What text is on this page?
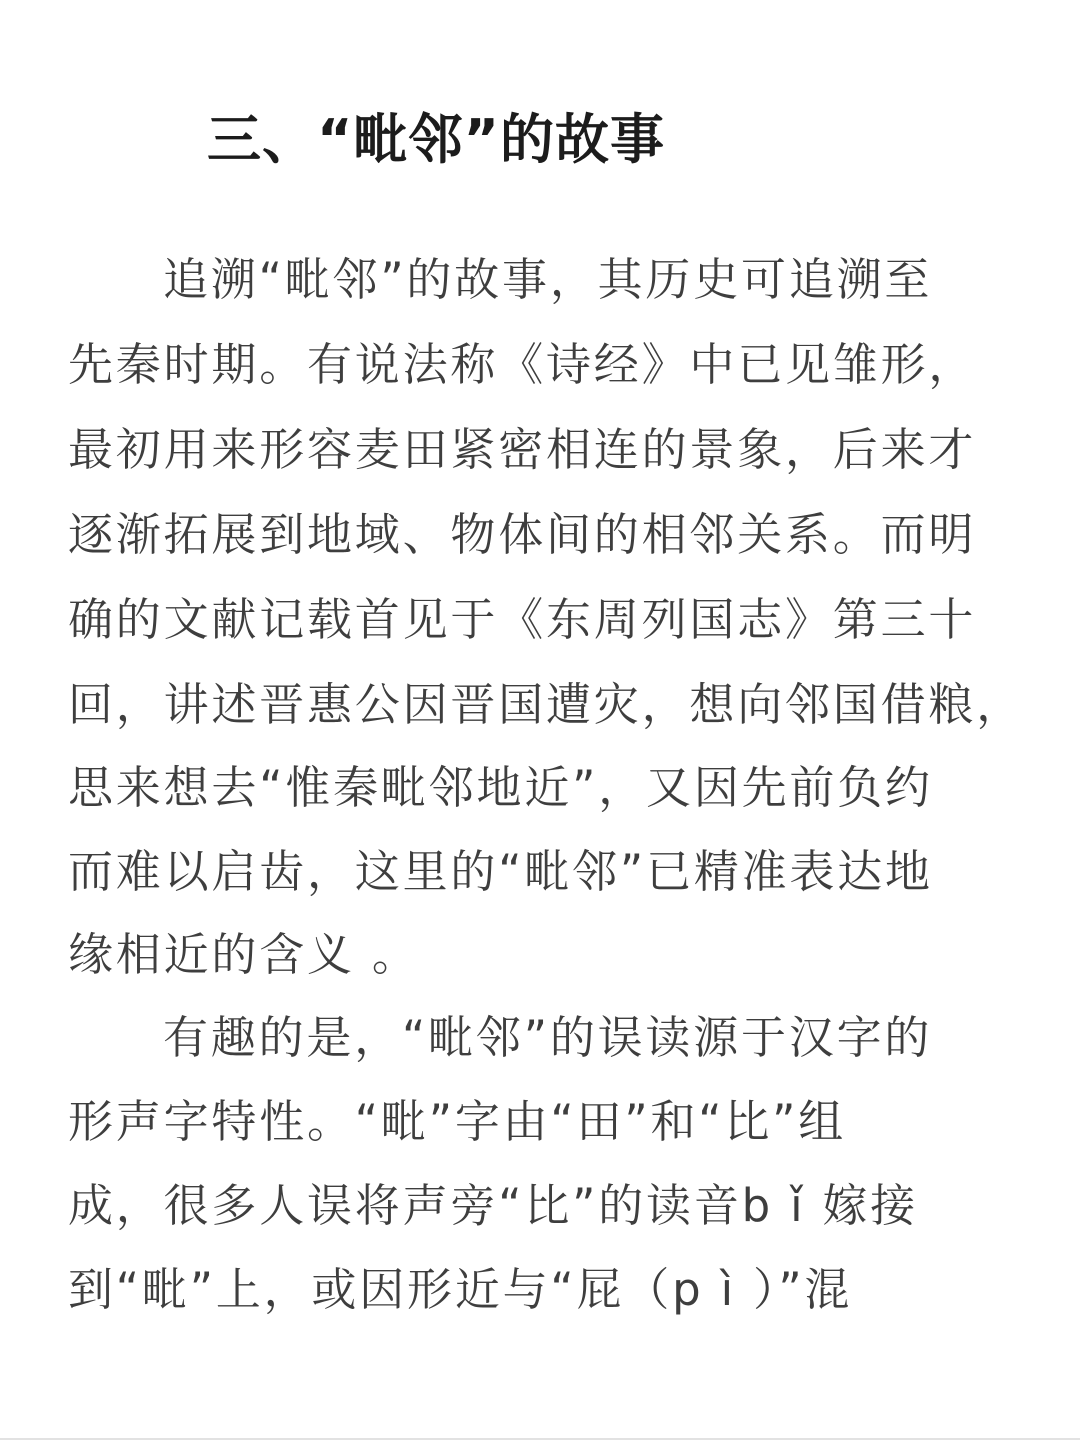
三、“毗邻”的故事
追溯“毗邻”的故事，其历史可追溯至
先秦时期。有说法称《诗经》中已见雏形，
最初用来形容麦田紧密相连的景象，后来才
逐渐拓展到地域、物体间的相邻关系。而明
确的文献记载首见于《东周列国志》第三十
回，讲述晋惠公因晋国遭灾，想向邻国借粮，
思来想去“惟秦毗邻地近”，又因先前负约
而难以启齿，这里的“毗邻”已精准表达地
缘相近的含义 。
有趣的是，“毗邻”的误读源于汉字的
形声字特性。“毗”字由“田”和“比”组
成，很多人误将声旁“比”的读音b ǐ 嫁接
到“毗”上，或因形近与“屁（p ì ）”混
